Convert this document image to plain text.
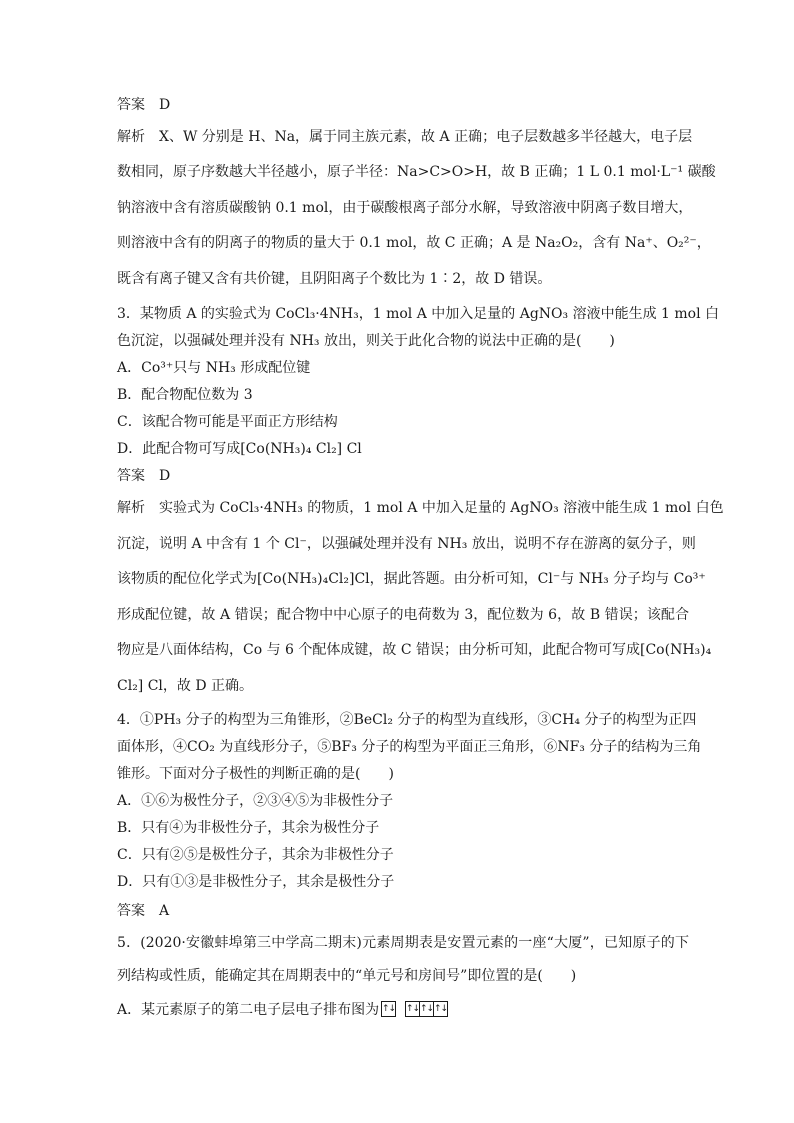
答案　D
解析　X、W 分别是 H、Na，属于同主族元素，故 A 正确；电子层数越多半径越大，电子层
数相同，原子序数越大半径越小，原子半径：Na>C>O>H，故 B 正确；1 L 0.1 mol·L⁻¹ 碳酸
钠溶液中含有溶质碳酸钠 0.1 mol，由于碳酸根离子部分水解，导致溶液中阴离子数目增大，
则溶液中含有的阴离子的物质的量大于 0.1 mol，故 C 正确；A 是 Na₂O₂，含有 Na⁺、O₂²⁻，
既含有离子键又含有共价键，且阴阳离子个数比为 1∶2，故 D 错误。
3．某物质 A 的实验式为 CoCl₃·4NH₃，1 mol A 中加入足量的 AgNO₃ 溶液中能生成 1 mol 白
色沉淀，以强碱处理并没有 NH₃ 放出，则关于此化合物的说法中正确的是(　　)
A．Co³⁺只与 NH₃ 形成配位键
B．配合物配位数为 3
C．该配合物可能是平面正方形结构
D．此配合物可写成[Co(NH₃)₄ Cl₂] Cl
答案　D
解析　实验式为 CoCl₃·4NH₃ 的物质，1 mol A 中加入足量的 AgNO₃ 溶液中能生成 1 mol 白色
沉淀，说明 A 中含有 1 个 Cl⁻，以强碱处理并没有 NH₃ 放出，说明不存在游离的氨分子，则
该物质的配位化学式为[Co(NH₃)₄Cl₂]Cl，据此答题。由分析可知，Cl⁻与 NH₃ 分子均与 Co³⁺
形成配位键，故 A 错误；配合物中中心原子的电荷数为 3，配位数为 6，故 B 错误；该配合
物应是八面体结构，Co 与 6 个配体成键，故 C 错误；由分析可知，此配合物可写成[Co(NH₃)₄
Cl₂] Cl，故 D 正确。
4．①PH₃ 分子的构型为三角锥形，②BeCl₂ 分子的构型为直线形，③CH₄ 分子的构型为正四
面体形，④CO₂ 为直线形分子，⑤BF₃ 分子的构型为平面正三角形，⑥NF₃ 分子的结构为三角
锥形。下面对分子极性的判断正确的是(　　)
A．①⑥为极性分子，②③④⑤为非极性分子
B．只有④为非极性分子，其余为极性分子
C．只有②⑤是极性分子，其余为非极性分子
D．只有①③是非极性分子，其余是极性分子
答案　A
5．(2020·安徽蚌埠第三中学高二期末)元素周期表是安置元素的一座“大厦”，已知原子的下
列结构或性质，能确定其在周期表中的“单元号和房间号”即位置的是(　　)
A．某元素原子的第二电子层电子排布图为 ↑↓ ↑↓ ↑↓ ↑↓
